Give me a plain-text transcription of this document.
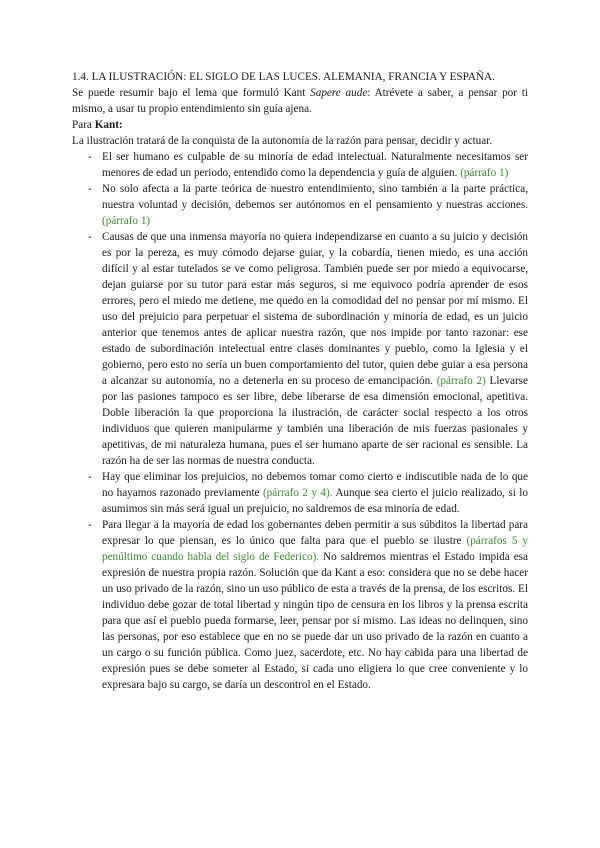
1.4. LA ILUSTRACIÓN: EL SIGLO DE LAS LUCES. ALEMANIA, FRANCIA Y ESPAÑA.

Se puede resumir bajo el lema que formuló Kant Sapere aude: Atrévete a saber, a pensar por ti mismo, a usar tu propio entendimiento sin guía ajena.

Para Kant:

La ilustración tratará de la conquista de la autonomía de la razón para pensar, decidir y actuar.

- El ser humano es culpable de su minoría de edad intelectual. Naturalmente necesitamos ser menores de edad un periodo, entendido como la dependencia y guía de alguien. (párrafo 1)
- No solo afecta a la parte teórica de nuestro entendimiento, sino también a la parte práctica, nuestra voluntad y decisión, debemos ser autónomos en el pensamiento y nuestras acciones. (párrafo 1)
- Causas de que una inmensa mayoría no quiera independizarse en cuanto a su juicio y decisión es por la pereza, es muy cómodo dejarse guiar, y la cobardía, tienen miedo, es una acción difícil y al estar tutelados se ve como peligrosa. También puede ser por miedo a equivocarse, dejan guiarse por su tutor para estar más seguros, si me equivoco podría aprender de esos errores, pero el miedo me detiene, me quedo en la comodidad del no pensar por mí mismo. El uso del prejuicio para perpetuar el sistema de subordinación y minoría de edad, es un juicio anterior que tenemos antes de aplicar nuestra razón, que nos impide por tanto razonar: ese estado de subordinación intelectual entre clases dominantes y pueblo, como la Iglesia y el gobierno, pero esto no sería un buen comportamiento del tutor, quien debe guiar a esa persona a alcanzar su autonomía, no a detenerla en su proceso de emancipación. (párrafo 2) Llevarse por las pasiones tampoco es ser libre, debe liberarse de esa dimensión emocional, apetitiva. Doble liberación la que proporciona la ilustración, de carácter social respecto a los otros individuos que quieren manipularme y también una liberación de mis fuerzas pasionales y apetitivas, de mi naturaleza humana, pues el ser humano aparte de ser racional es sensible. La razón ha de ser las normas de nuestra conducta.
- Hay que eliminar los prejuicios, no debemos tomar como cierto e indiscutible nada de lo que no hayamos razonado previamente (párrafo 2 y 4). Aunque sea cierto el juicio realizado, si lo asumimos sin más será igual un prejuicio, no saldremos de esa minoría de edad.
- Para llegar a la mayoría de edad los gobernantes deben permitir a sus súbditos la libertad para expresar lo que piensan, es lo único que falta para que el pueblo se ilustre (párrafos 5 y penúltimo cuando habla del siglo de Federico). No saldremos mientras el Estado impida esa expresión de nuestra propia razón. Solución que da Kant a eso: considera que no se debe hacer un uso privado de la razón, sino un uso público de esta a través de la prensa, de los escritos. El individuo debe gozar de total libertad y ningún tipo de censura en los libros y la prensa escrita para que así el pueblo pueda formarse, leer, pensar por sí mismo. Las ideas no delinquen, sino las personas, por eso establece que en no se puede dar un uso privado de la razón en cuanto a un cargo o su función pública. Como juez, sacerdote, etc. No hay cabida para una libertad de expresión pues se debe someter al Estado, si cada uno eligiera lo que cree conveniente y lo expresara bajo su cargo, se daría un descontrol en el Estado.
